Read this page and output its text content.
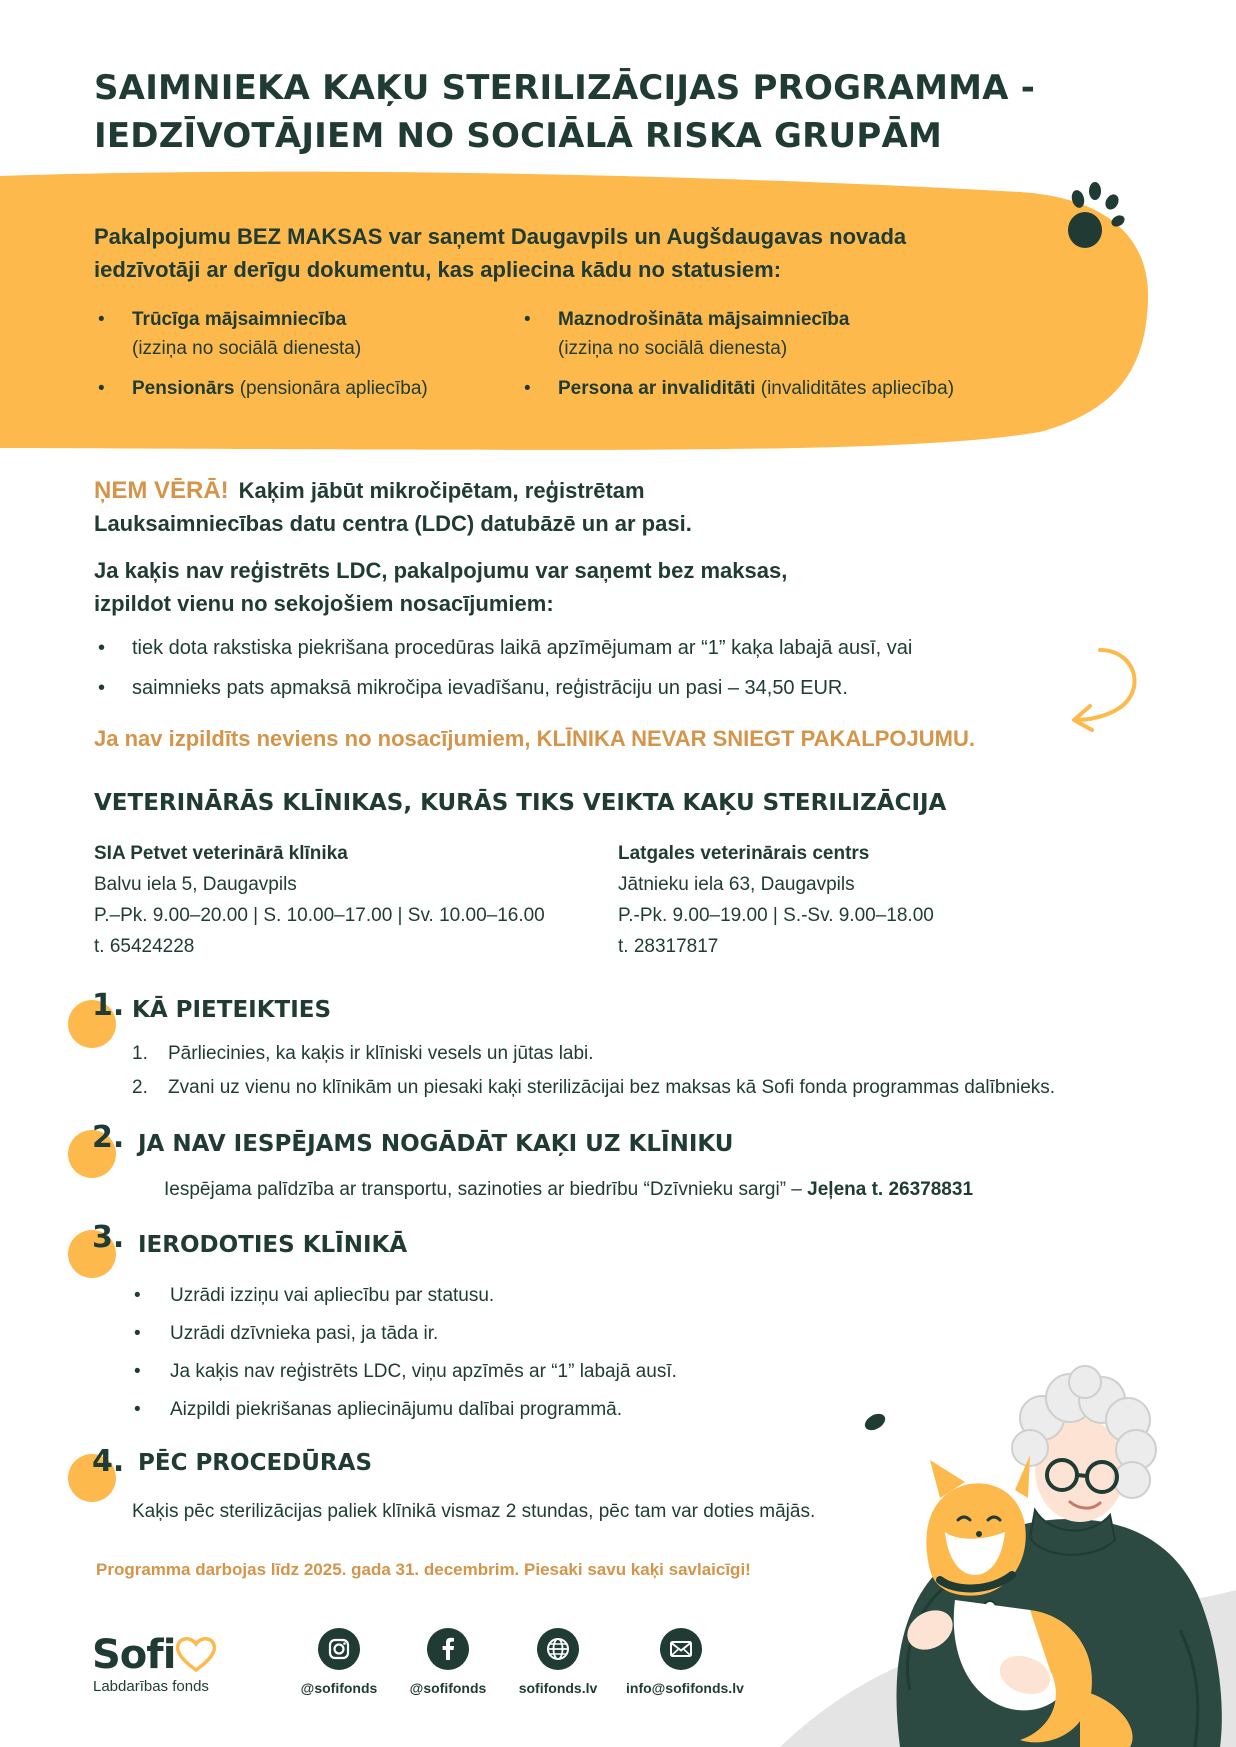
SAIMNIEKA KAĶU STERILIZĀCIJAS PROGRAMMA -
IEDZĪVOTĀJIEM NO SOCIĀLĀ RISKA GRUPĀM

Pakalpojumu BEZ MAKSAS var saņemt Daugavpils un Augšdaugavas novada
iedzīvotāji ar derīgu dokumentu, kas apliecina kādu no statusiem:

• Trūcīga mājsaimniecība
(izziņa no sociālā dienesta)
• Maznodrošināta mājsaimniecība
(izziņa no sociālā dienesta)
• Pensionārs (pensionāra apliecība)	• Persona ar invaliditāti (invaliditātes apliecība)
ŅEM VĒRĀ! Kaķim jābūt mikročipētam, reģistrētam
Lauksaimniecības datu centra (LDC) datubāzē un ar pasi.
Ja kaķis nav reģistrēts LDC, pakalpojumu var saņemt bez maksas,
izpildot vienu no sekojošiem nosacījumiem:
• tiek dota rakstiska piekrišana procedūras laikā apzīmējumam ar “1” kaķa labajā ausī, vai
• saimnieks pats apmaksā mikročipa ievadīšanu, reģistrāciju un pasi – 34,50 EUR.
Ja nav izpildīts neviens no nosacījumiem, KLĪNIKA NEVAR SNIEGT PAKALPOJUMU.
VETERINĀRĀS KLĪNIKAS, KURĀS TIKS VEIKTA KAĶU STERILIZĀCIJA
SIA Petvet veterinārā klīnika
Balvu iela 5, Daugavpils
P.–Pk. 9.00–20.00 | S. 10.00–17.00 | Sv. 10.00–16.00
t. 65424228
Latgales veterinārais centrs
Jātnieku iela 63, Daugavpils
P.-Pk. 9.00–19.00 | S.-Sv. 9.00–18.00
t. 28317817
1. KĀ PIETEIKTIES
1. Pārliecinies, ka kaķis ir klīniski vesels un jūtas labi.
2. Zvani uz vienu no klīnikām un piesaki kaķi sterilizācijai bez maksas kā Sofi fonda programmas dalībnieks.
2. JA NAV IESPĒJAMS NOGĀDĀT KAĶI UZ KLĪNIKU
Iespējama palīdzība ar transportu, sazinoties ar biedrību “Dzīvnieku sargi” – Jeļena t. 26378831
3. IERODOTIES KLĪNIKĀ
• Uzrādi izziņu vai apliecību par statusu.
• Uzrādi dzīvnieka pasi, ja tāda ir.
• Ja kaķis nav reģistrēts LDC, viņu apzīmēs ar “1” labajā ausī.
• Aizpildi piekrišanas apliecinājumu dalībai programmā.
4. PĒC PROCEDŪRAS
Kaķis pēc sterilizācijas paliek klīnikā vismaz 2 stundas, pēc tam var doties mājās.
Programma darbojas līdz 2025. gada 31. decembrim. Piesaki savu kaķi savlaicīgi!
Sofi
Labdarības fonds	@sofifonds	@sofifonds	sofifonds.lv	info@sofifonds.lv
